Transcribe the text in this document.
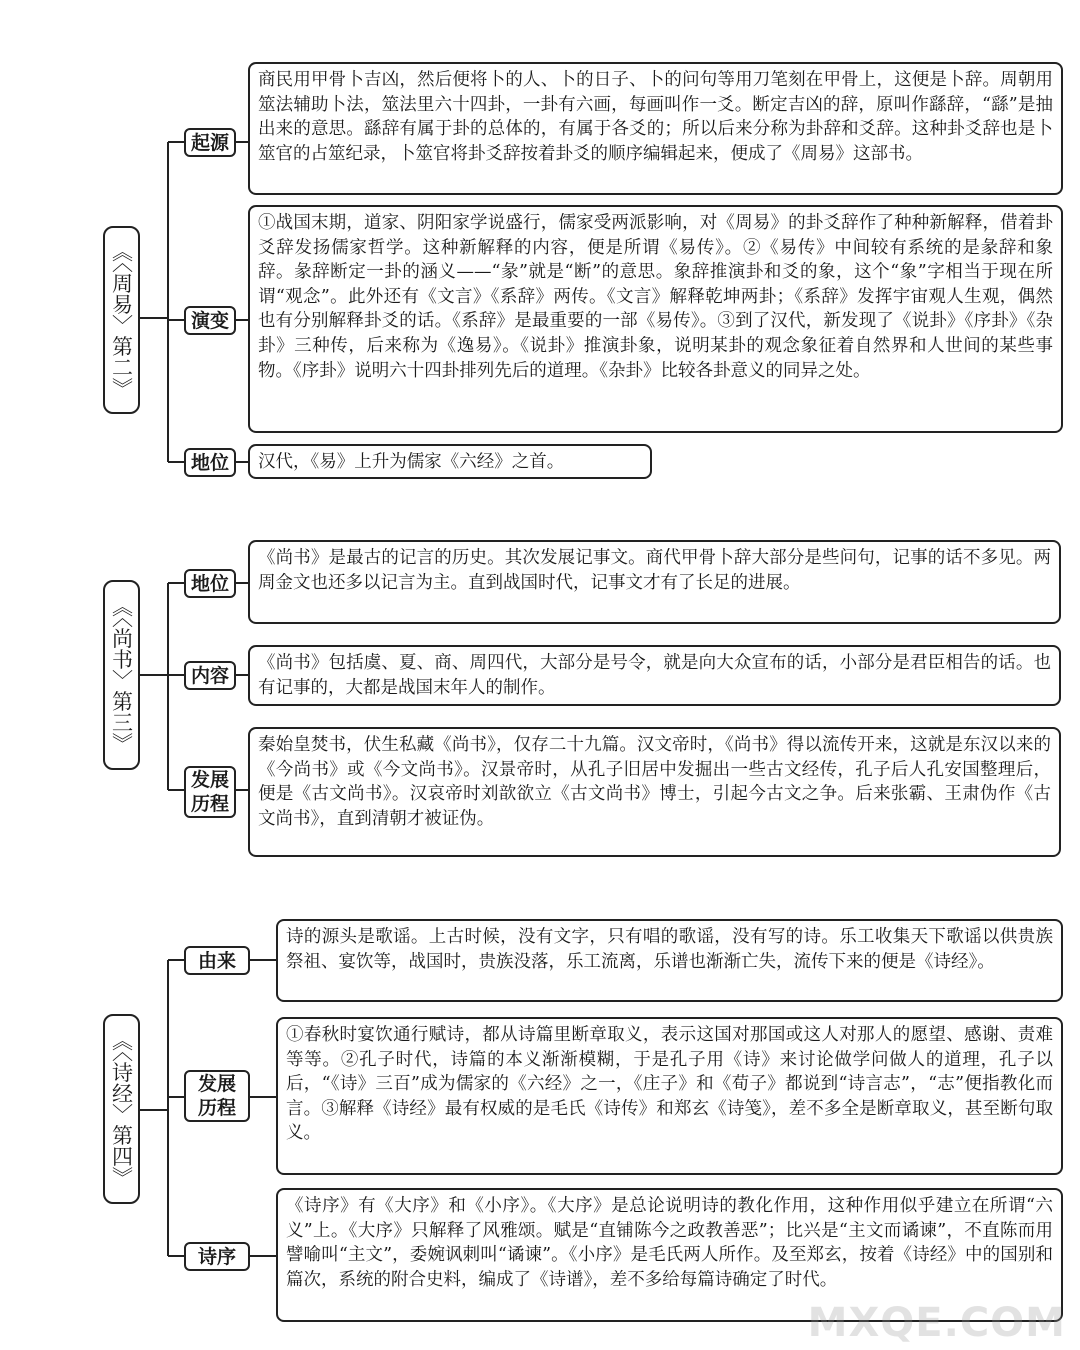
《〈周易〉第二》
起源
商民用甲骨卜吉凶，然后便将卜的人、卜的日子、卜的问句等用刀笔刻在甲骨上，这便是卜辞。周朝用筮法辅助卜法，筮法里六十四卦，一卦有六画，每画叫作一爻。断定吉凶的辞，原叫作繇辞，“繇”是抽出来的意思。繇辞有属于卦的总体的，有属于各爻的；所以后来分称为卦辞和爻辞。这种卦爻辞也是卜筮官的占筮纪录，卜筮官将卦爻辞按着卦爻的顺序编辑起来，便成了《周易》这部书。
演变
①战国末期，道家、阴阳家学说盛行，儒家受两派影响，对《周易》的卦爻辞作了种种新解释，借着卦爻辞发扬儒家哲学。这种新解释的内容，便是所谓《易传》。②《易传》中间较有系统的是彖辞和象辞。彖辞断定一卦的涵义——“彖”就是“断”的意思。象辞推演卦和爻的象，这个“象”字相当于现在所谓“观念”。此外还有《文言》《系辞》两传。《文言》解释乾坤两卦；《系辞》发挥宇宙观人生观，偶然也有分别解释卦爻的话。《系辞》是最重要的一部《易传》。③到了汉代，新发现了《说卦》《序卦》《杂卦》三种传，后来称为《逸易》。《说卦》推演卦象，说明某卦的观念象征着自然界和人世间的某些事物。《序卦》说明六十四卦排列先后的道理。《杂卦》比较各卦意义的同异之处。
地位	汉代，《易》上升为儒家《六经》之首。
《〈尚书〉第三》
地位
《尚书》是最古的记言的历史。其次发展记事文。商代甲骨卜辞大部分是些问句，记事的话不多见。两周金文也还多以记言为主。直到战国时代，记事文才有了长足的进展。
内容
《尚书》包括虞、夏、商、周四代，大部分是号令，就是向大众宣布的话，小部分是君臣相告的话。也有记事的，大都是战国末年人的制作。
发展
历程
秦始皇焚书，伏生私藏《尚书》，仅存二十九篇。汉文帝时，《尚书》得以流传开来，这就是东汉以来的《今尚书》或《今文尚书》。汉景帝时，从孔子旧居中发掘出一些古文经传，孔子后人孔安国整理后，便是《古文尚书》。汉哀帝时刘歆欲立《古文尚书》博士，引起今古文之争。后来张霸、王肃伪作《古文尚书》，直到清朝才被证伪。
《〈诗经〉第四》
由来
诗的源头是歌谣。上古时候，没有文字，只有唱的歌谣，没有写的诗。乐工收集天下歌谣以供贵族祭祖、宴饮等，战国时，贵族没落，乐工流离，乐谱也渐渐亡失，流传下来的便是《诗经》。
发展
历程
①春秋时宴饮通行赋诗，都从诗篇里断章取义，表示这国对那国或这人对那人的愿望、感谢、责难等等。②孔子时代，诗篇的本义渐渐模糊，于是孔子用《诗》来讨论做学问做人的道理，孔子以后，“《诗》三百”成为儒家的《六经》之一，《庄子》和《荀子》都说到“诗言志”，“志”便指教化而言。③解释《诗经》最有权威的是毛氏《诗传》和郑玄《诗笺》，差不多全是断章取义，甚至断句取义。
诗序
《诗序》有《大序》和《小序》。《大序》是总论说明诗的教化作用，这种作用似乎建立在所谓“六义”上。《大序》只解释了风雅颂。赋是“直铺陈今之政教善恶”；比兴是“主文而谲谏”，不直陈而用譬喻叫“主文”，委婉讽刺叫“谲谏”。《小序》是毛氏两人所作。及至郑玄，按着《诗经》中的国别和篇次，系统的附合史料，编成了《诗谱》，差不多给每篇诗确定了时代。
MXQE.COM
